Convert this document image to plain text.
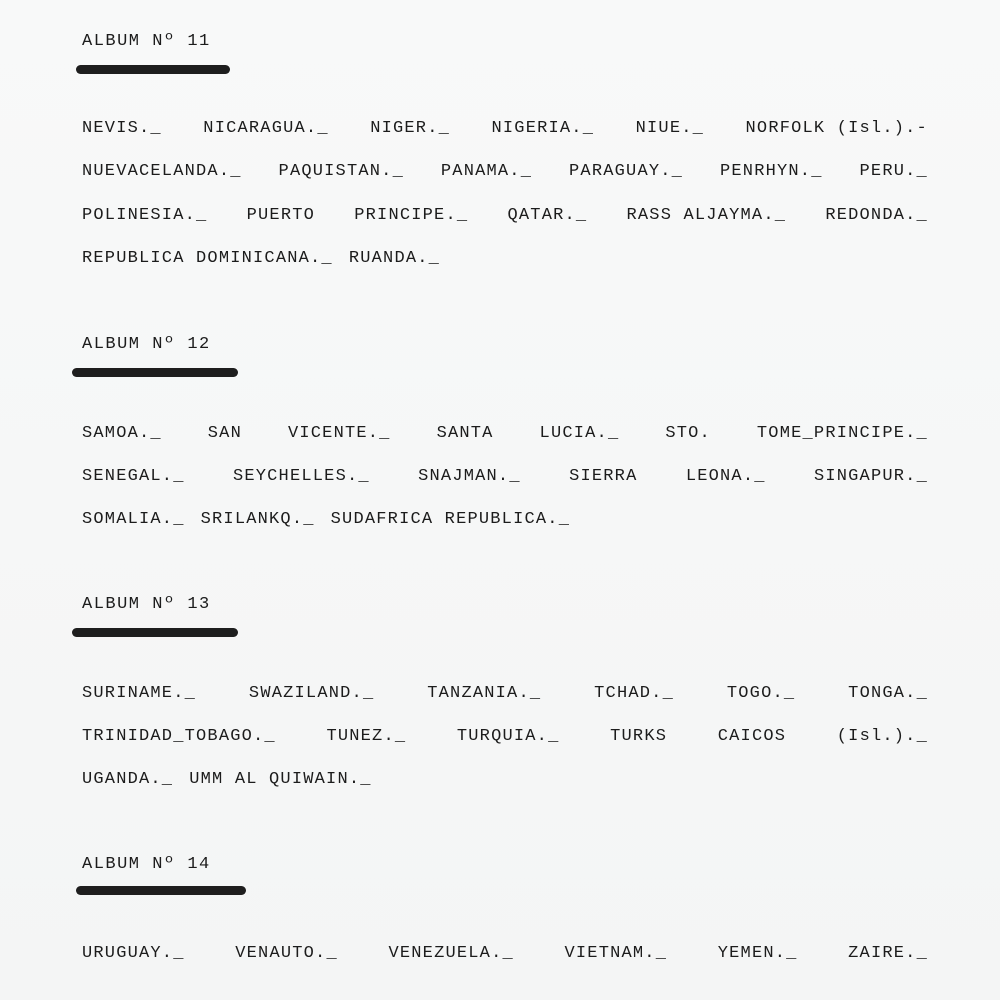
ALBUM Nº 11
NEVIS._ NICARAGUA._ NIGER._ NIGERIA._ NIUE._ NORFOLK (Isl.).-
NUEVACELANDA._ PAQUISTAN._ PANAMA._ PARAGUAY._ PENRHYN._ PERU._
POLINESIA._ PUERTO PRINCIPE._ QATAR._ RASS ALJAYMA._ REDONDA._
REPUBLICA DOMINICANA._ RUANDA._
ALBUM Nº 12
SAMOA._	SAN	VICENTE._	SANTA	LUCIA._	STO.	TOME_PRINCIPE._
SENEGAL._	SEYCHELLES._	SNAJMAN._	SIERRA	LEONA._	SINGAPUR._
SOMALIA._ SRILANKQ._ SUDAFRICA REPUBLICA._
ALBUM Nº 13
SURINAME._	SWAZILAND._	TANZANIA._	TCHAD._	TOGO._	TONGA._
TRINIDAD_TOBAGO._	TUNEZ._	TURQUIA._	TURKS	CAICOS	(Isl.)._
UGANDA._ UMM AL QUIWAIN._
ALBUM Nº 14
URUGUAY._	VENAUTO._	VENEZUELA._	VIETNAM._	YEMEN._	ZAIRE._
